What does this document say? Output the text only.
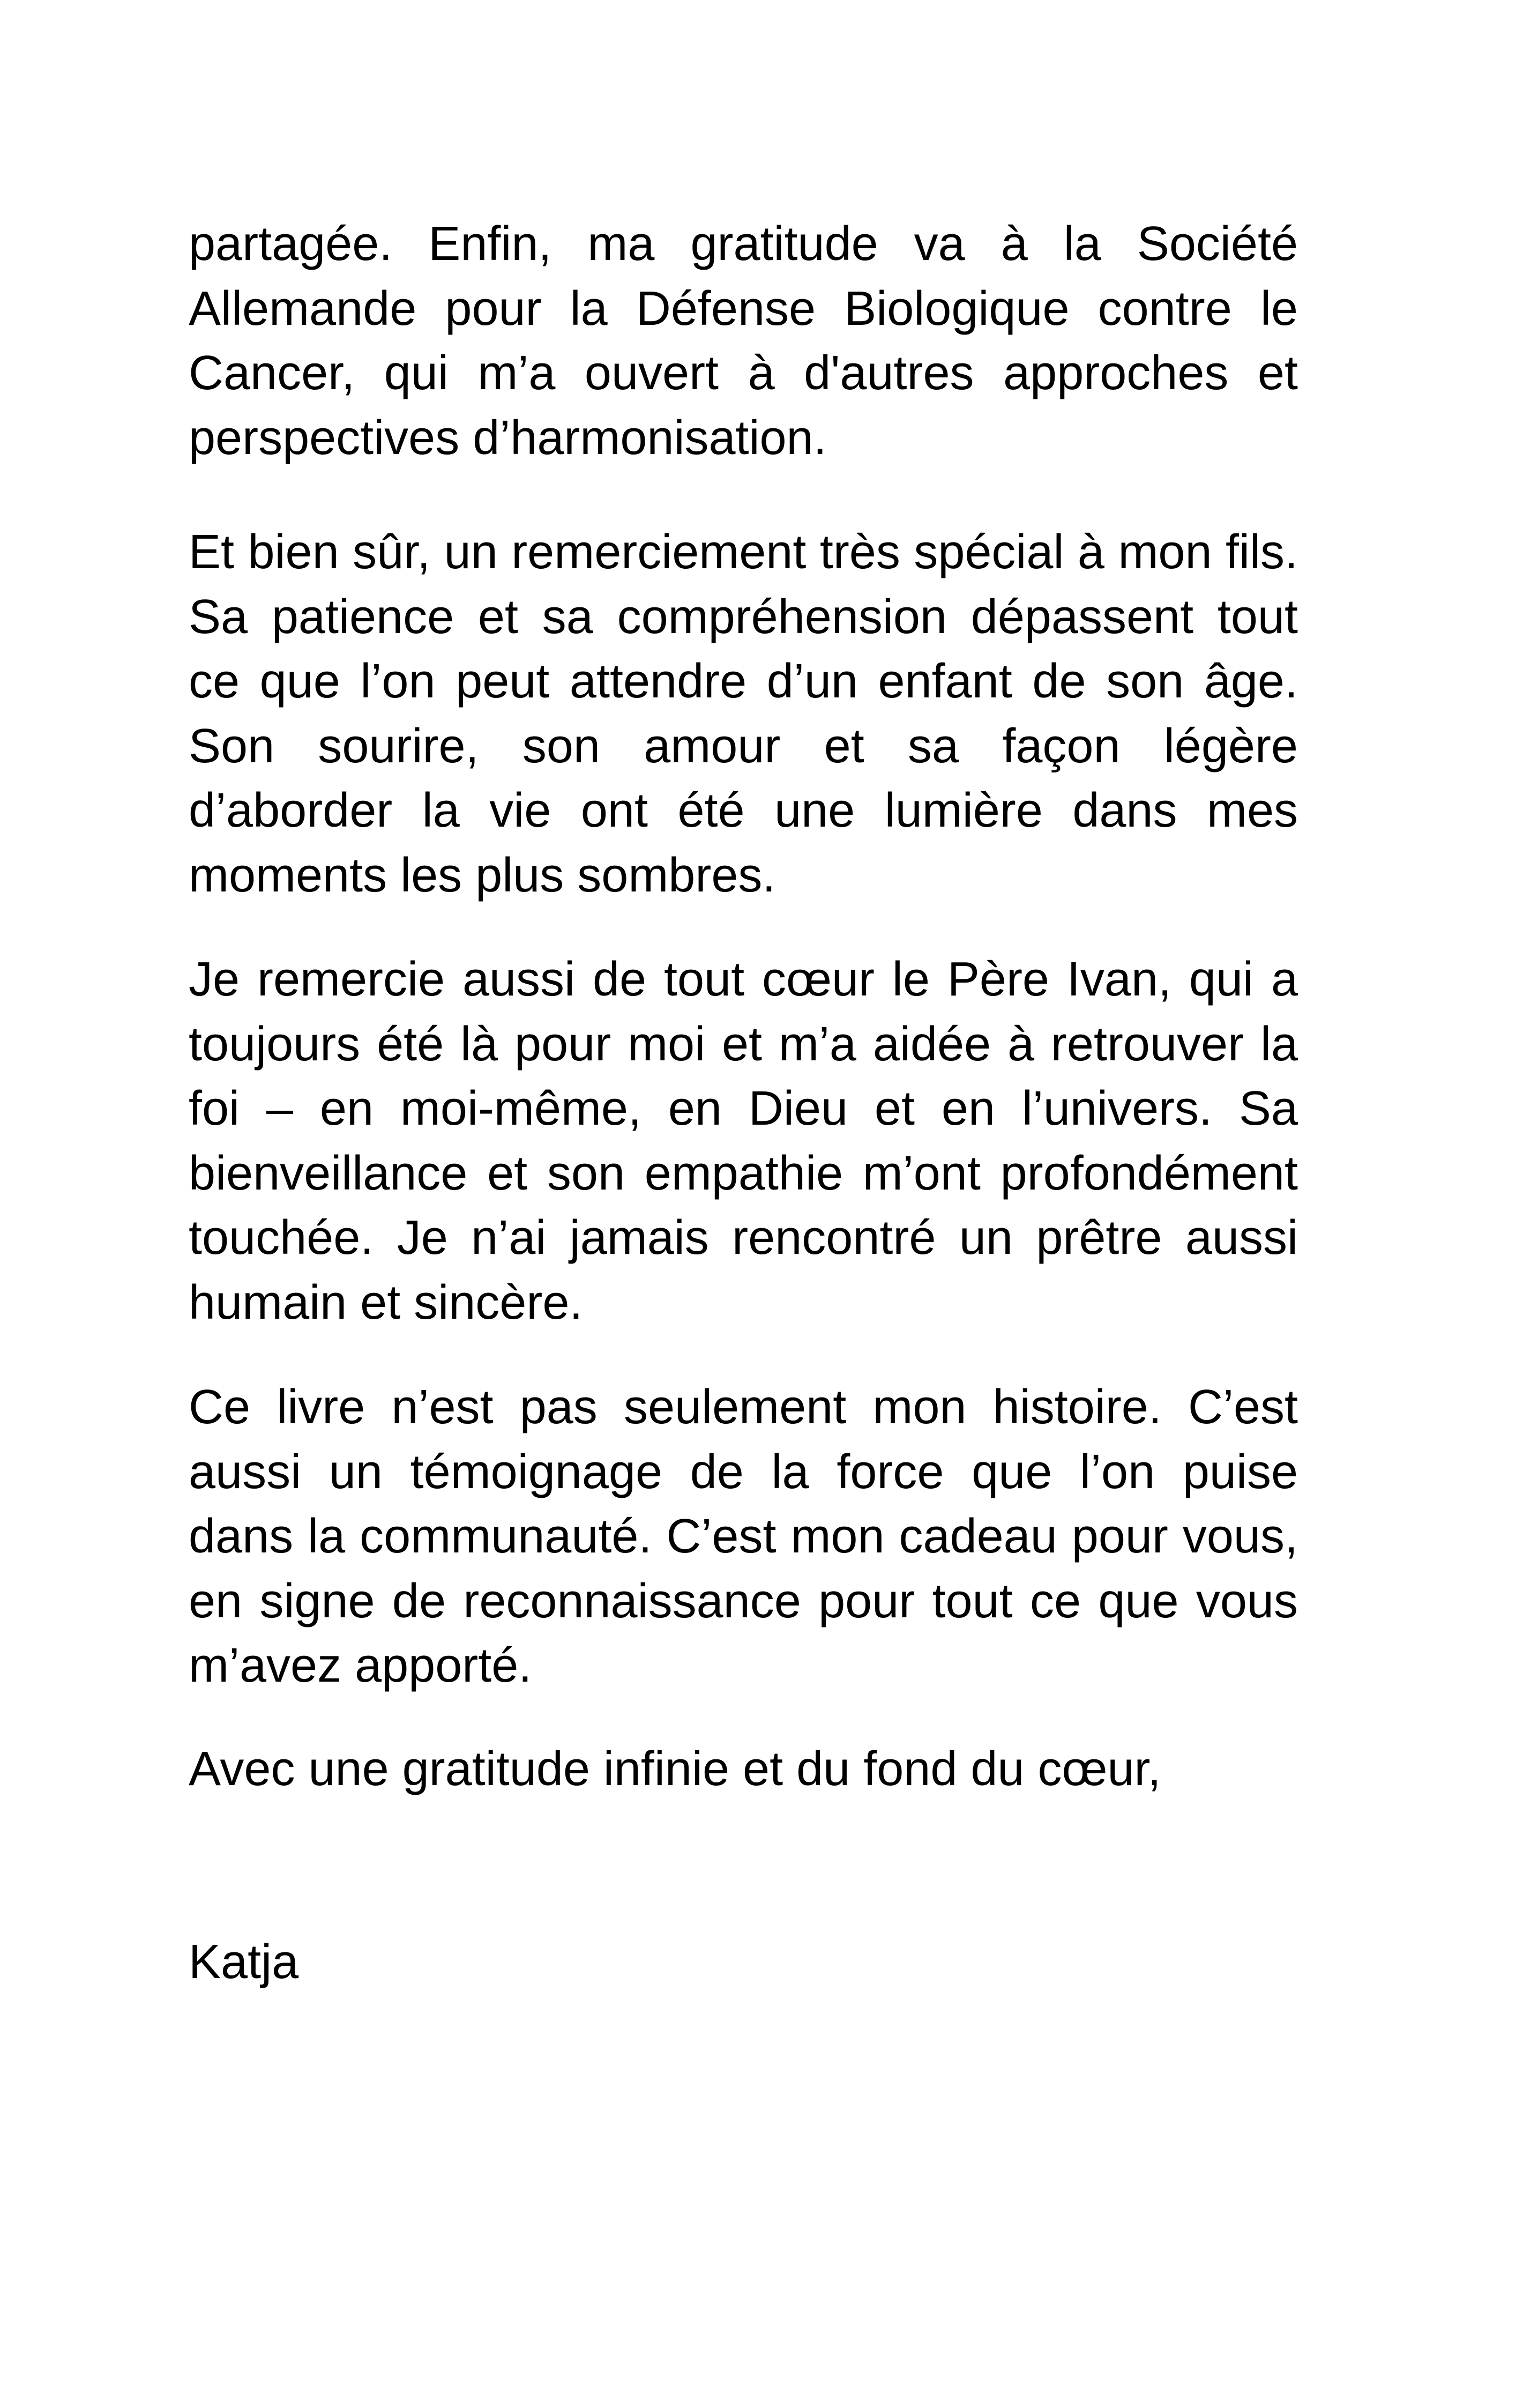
partagée. Enfin, ma gratitude va à la Société Allemande pour la Défense Biologique contre le Cancer, qui m’a ouvert à d'autres approches et perspectives d’harmonisation.

Et bien sûr, un remerciement très spécial à mon fils. Sa patience et sa compréhension dépassent tout ce que l’on peut attendre d’un enfant de son âge. Son sourire, son amour et sa façon légère d’aborder la vie ont été une lumière dans mes moments les plus sombres.

Je remercie aussi de tout cœur le Père Ivan, qui a toujours été là pour moi et m’a aidée à retrouver la foi – en moi-même, en Dieu et en l’univers. Sa bienveillance et son empathie m’ont profondément touchée. Je n’ai jamais rencontré un prêtre aussi humain et sincère.

Ce livre n’est pas seulement mon histoire. C’est aussi un témoignage de la force que l’on puise dans la communauté. C’est mon cadeau pour vous, en signe de reconnaissance pour tout ce que vous m’avez apporté.

Avec une gratitude infinie et du fond du cœur,

Katja
